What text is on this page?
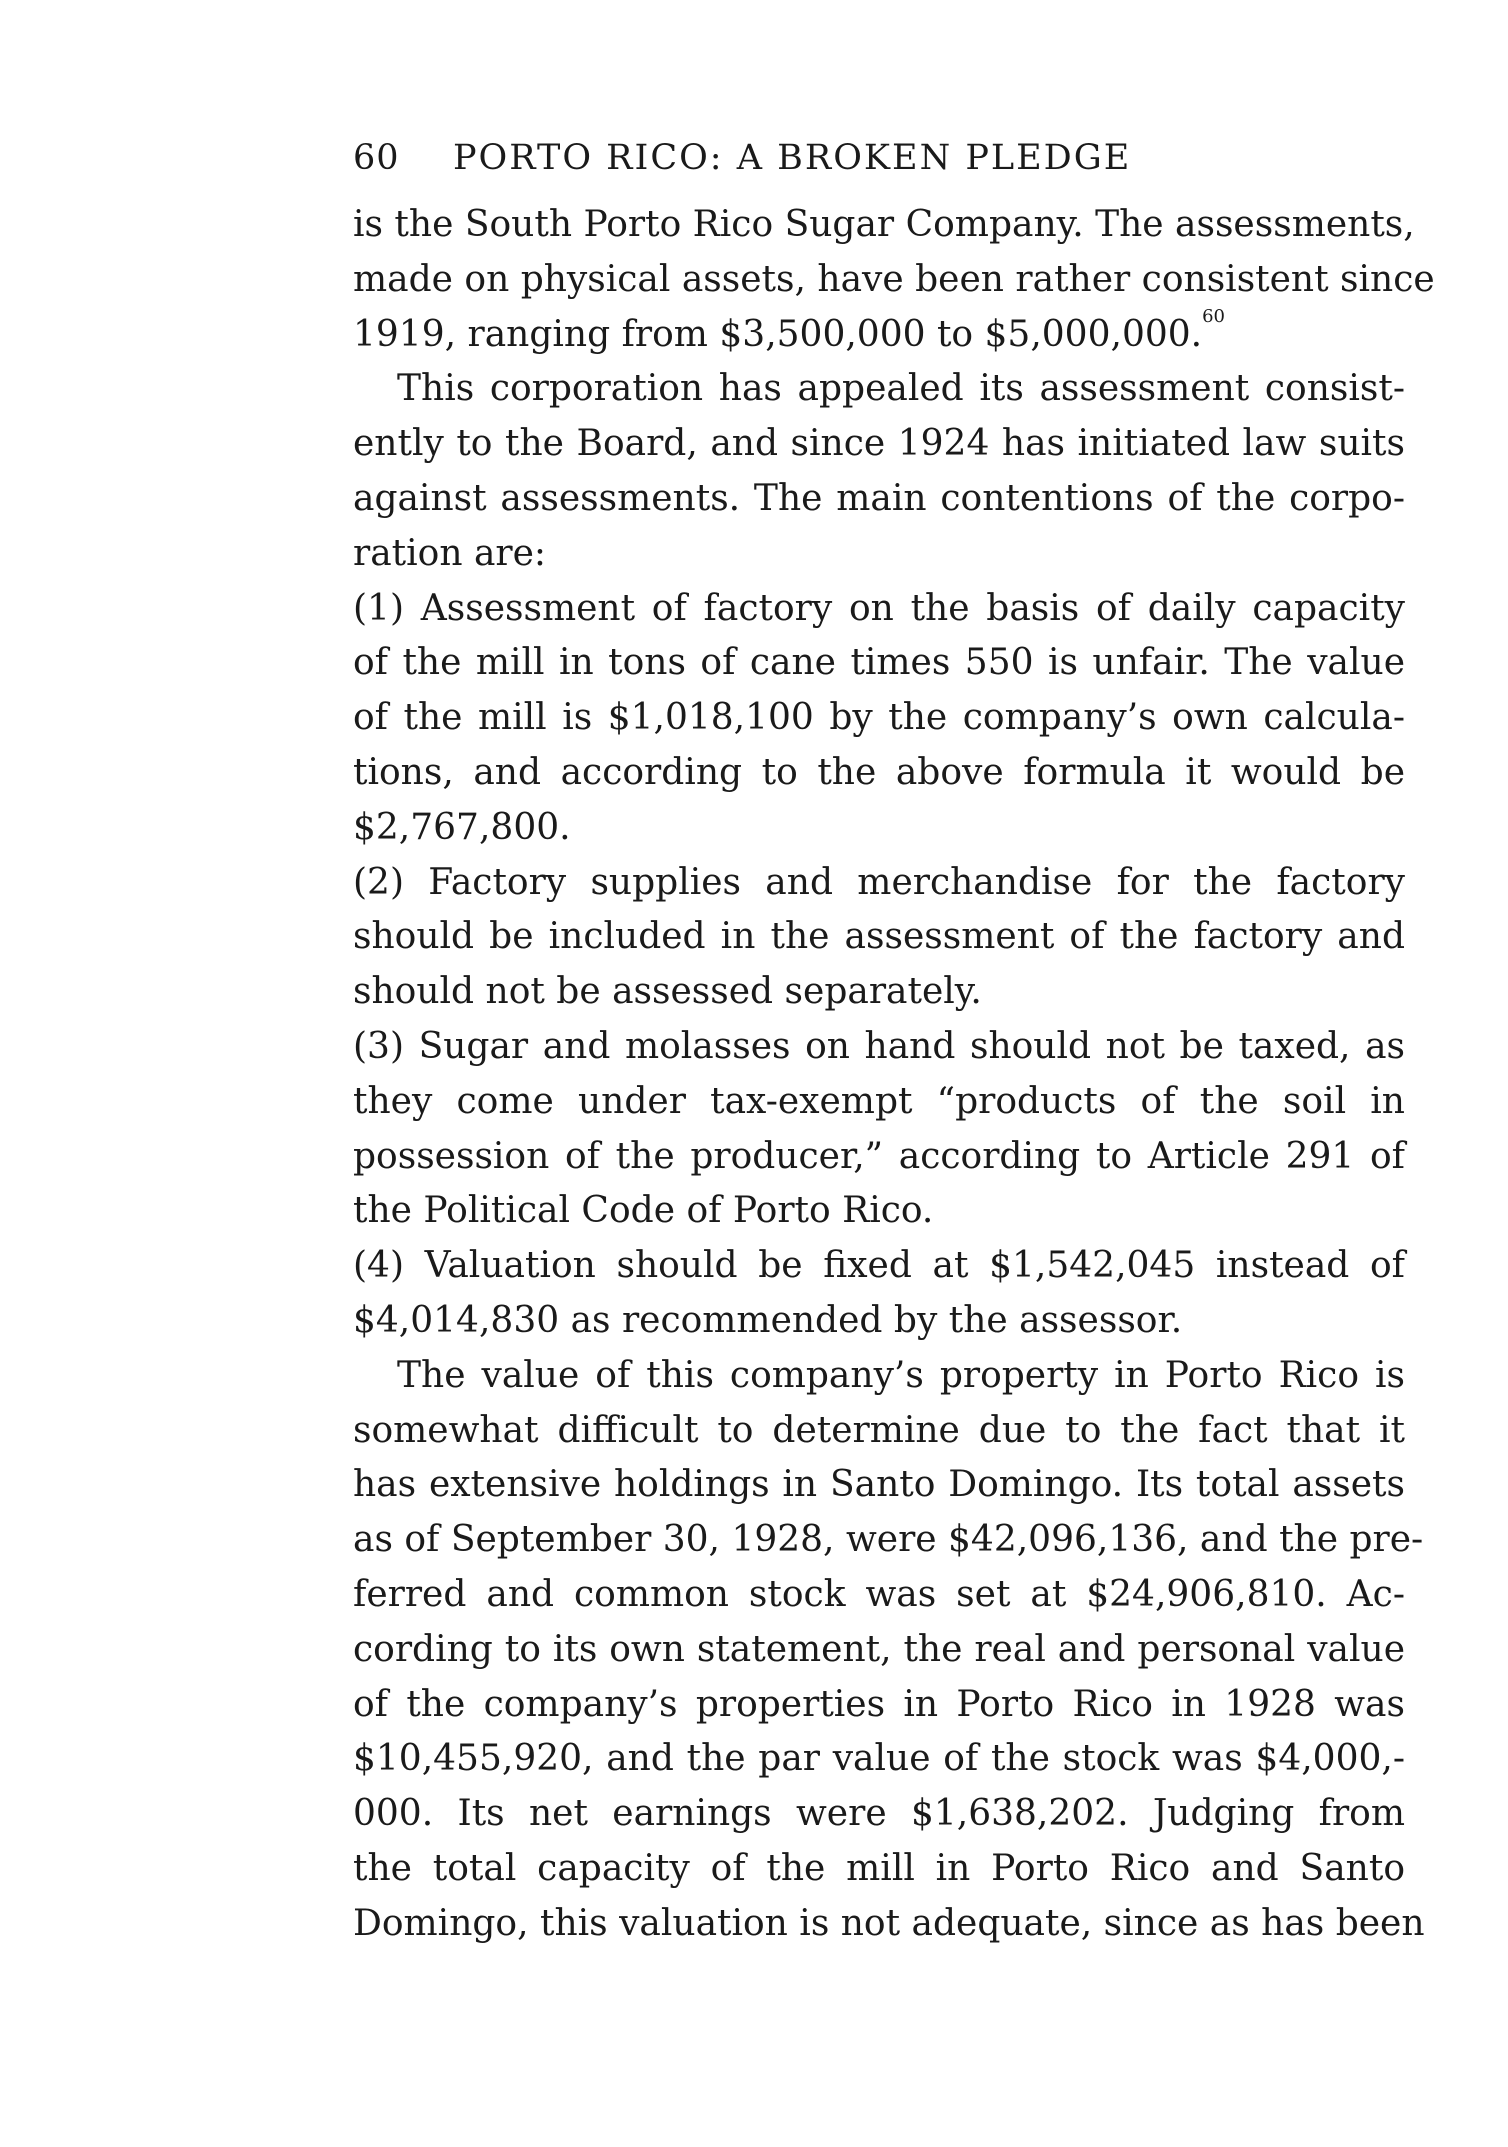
60	PORTO RICO: A BROKEN PLEDGE
is the South Porto Rico Sugar Company. The assessments,
made on physical assets, have been rather consistent since
1919, ranging from $3,500,000 to $5,000,000.60
This corporation has appealed its assessment consist-
ently to the Board, and since 1924 has initiated law suits
against assessments. The main contentions of the corpo-
ration are:
(1) Assessment of factory on the basis of daily capacity
of the mill in tons of cane times 550 is unfair. The value
of the mill is $1,018,100 by the company’s own calcula-
tions, and according to the above formula it would be
$2,767,800.
(2) Factory supplies and merchandise for the factory
should be included in the assessment of the factory and
should not be assessed separately.
(3) Sugar and molasses on hand should not be taxed, as
they come under tax-exempt “products of the soil in
possession of the producer,” according to Article 291 of
the Political Code of Porto Rico.
(4) Valuation should be fixed at $1,542,045 instead of
$4,014,830 as recommended by the assessor.
The value of this company’s property in Porto Rico is
somewhat difficult to determine due to the fact that it
has extensive holdings in Santo Domingo. Its total assets
as of September 30, 1928, were $42,096,136, and the pre-
ferred and common stock was set at $24,906,810. Ac-
cording to its own statement, the real and personal value
of the company’s properties in Porto Rico in 1928 was
$10,455,920, and the par value of the stock was $4,000,-
000. Its net earnings were $1,638,202. Judging from
the total capacity of the mill in Porto Rico and Santo
Domingo, this valuation is not adequate, since as has been
